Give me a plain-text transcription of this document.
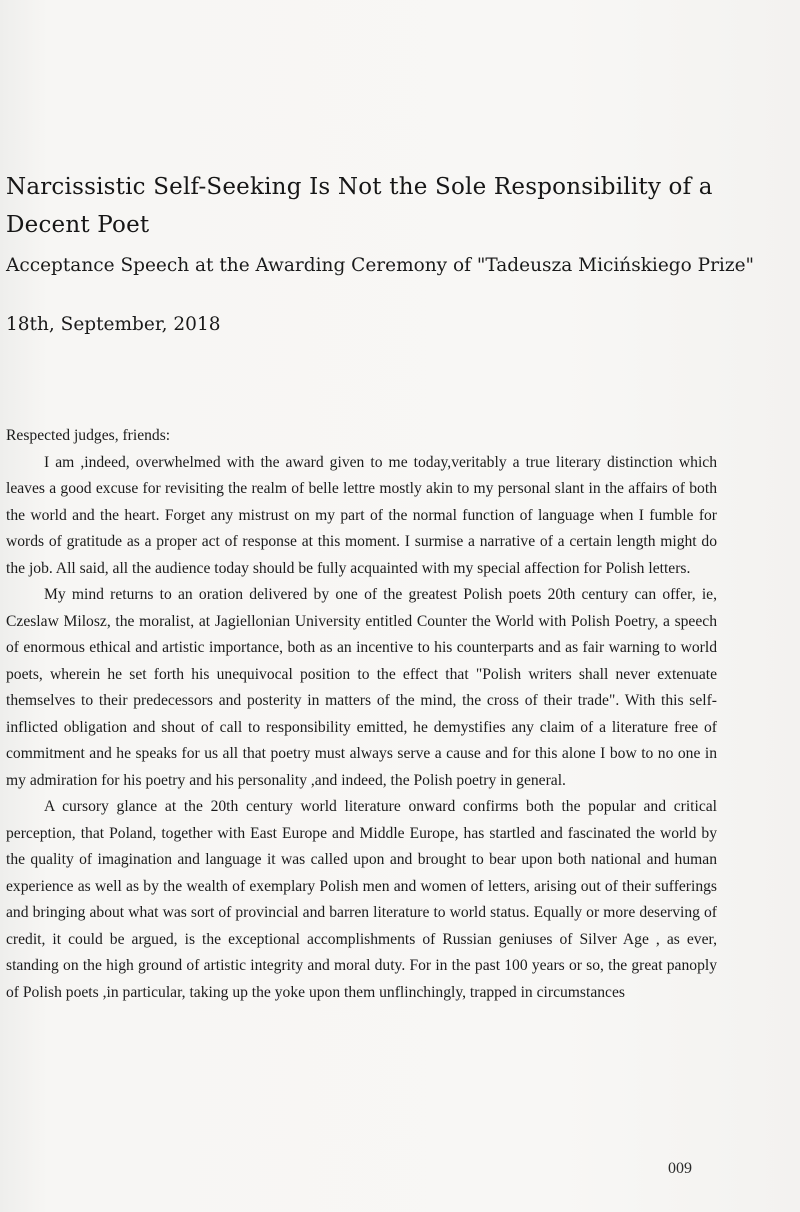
Narcissistic Self-Seeking Is Not the Sole Responsibility of a Decent Poet
Acceptance Speech at the Awarding Ceremony of "Tadeusza Micińskiego Prize"
18th, September, 2018

Respected judges, friends:

I am ,indeed, overwhelmed with the award given to me today,veritably a true literary distinction which leaves a good excuse for revisiting the realm of belle lettre mostly akin to my personal slant in the affairs of both the world and the heart. Forget any mistrust on my part of the normal function of language when I fumble for words of gratitude as a proper act of response at this moment. I surmise a narrative of a certain length might do the job. All said, all the audience today should be fully acquainted with my special affection for Polish letters.

My mind returns to an oration delivered by one of the greatest Polish poets 20th century can offer, ie, Czeslaw Milosz, the moralist, at Jagiellonian University entitled Counter the World with Polish Poetry, a speech of enormous ethical and artistic importance, both as an incentive to his counterparts and as fair warning to world poets, wherein he set forth his unequivocal position to the effect that "Polish writers shall never extenuate themselves to their predecessors and posterity in matters of the mind, the cross of their trade". With this self-inflicted obligation and shout of call to responsibility emitted, he demystifies any claim of a literature free of commitment and he speaks for us all that poetry must always serve a cause and for this alone I bow to no one in my admiration for his poetry and his personality ,and indeed, the Polish poetry in general.

A cursory glance at the 20th century world literature onward confirms both the popular and critical perception, that Poland, together with East Europe and Middle Europe, has startled and fascinated the world by the quality of imagination and language it was called upon and brought to bear upon both national and human experience as well as by the wealth of exemplary Polish men and women of letters, arising out of their sufferings and bringing about what was sort of provincial and barren literature to world status. Equally or more deserving of credit, it could be argued, is the exceptional accomplishments of Russian geniuses of Silver Age , as ever, standing on the high ground of artistic integrity and moral duty. For in the past 100 years or so, the great panoply of Polish poets ,in particular, taking up the yoke upon them unflinchingly, trapped in circumstances

009
